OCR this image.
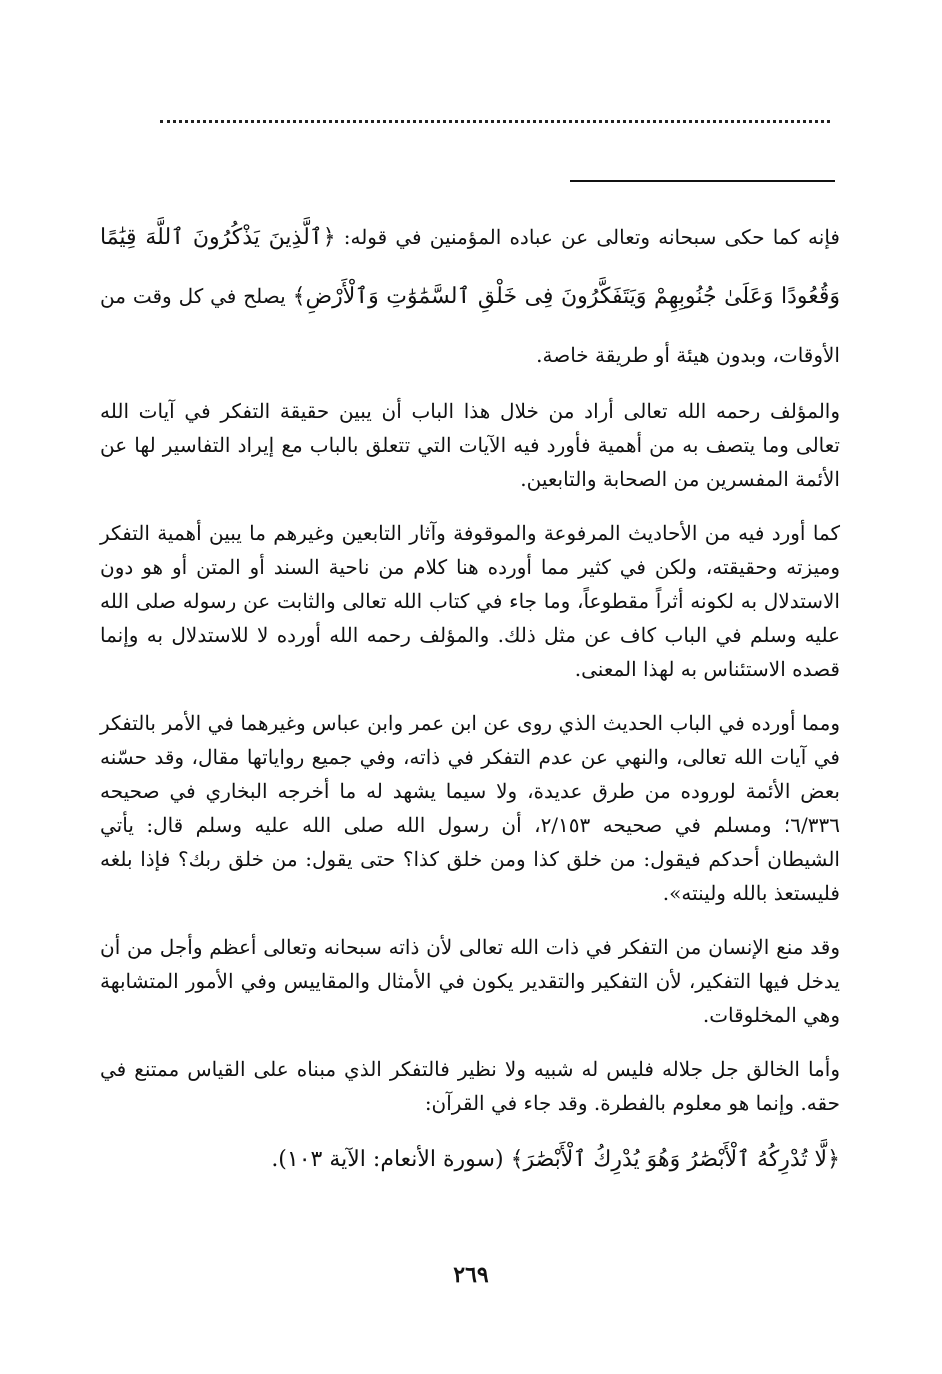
فإنه كما حكى سبحانه وتعالى عن عباده المؤمنين في قوله: ﴿ٱلَّذِينَ يَذْكُرُونَ ٱللَّهَ قِيَٰمًا وَقُعُودًا وَعَلَىٰ جُنُوبِهِمْ وَيَتَفَكَّرُونَ فِى خَلْقِ ٱلسَّمَٰوَٰتِ وَٱلْأَرْضِ﴾ يصلح في كل وقت من الأوقات، وبدون هيئة أو طريقة خاصة.

والمؤلف رحمه الله تعالى أراد من خلال هذا الباب أن يبين حقيقة التفكر في آيات الله تعالى وما يتصف به من أهمية فأورد فيه الآيات التي تتعلق بالباب مع إيراد التفاسير لها عن الأئمة المفسرين من الصحابة والتابعين.

كما أورد فيه من الأحاديث المرفوعة والموقوفة وآثار التابعين وغيرهم ما يبين أهمية التفكر وميزته وحقيقته، ولكن في كثير مما أورده هنا كلام من ناحية السند أو المتن أو هو دون الاستدلال به لكونه أثراً مقطوعاً، وما جاء في كتاب الله تعالى والثابت عن رسوله صلى الله عليه وسلم في الباب كاف عن مثل ذلك. والمؤلف رحمه الله أورده لا للاستدلال به وإنما قصده الاستئناس به لهذا المعنى.

ومما أورده في الباب الحديث الذي روى عن ابن عمر وابن عباس وغيرهما في الأمر بالتفكر في آيات الله تعالى، والنهي عن عدم التفكر في ذاته، وفي جميع رواياتها مقال، وقد حسّنه بعض الأئمة لوروده من طرق عديدة، ولا سيما يشهد له ما أخرجه البخاري في صحيحه ٦/٣٣٦؛ ومسلم في صحيحه ٢/١٥٣، أن رسول الله صلى الله عليه وسلم قال: يأتي الشيطان أحدكم فيقول: من خلق كذا ومن خلق كذا؟ حتى يقول: من خلق ربك؟ فإذا بلغه فليستعذ بالله ولينته».

وقد منع الإنسان من التفكر في ذات الله تعالى لأن ذاته سبحانه وتعالى أعظم وأجل من أن يدخل فيها التفكير، لأن التفكير والتقدير يكون في الأمثال والمقاييس وفي الأمور المتشابهة وهي المخلوقات.

وأما الخالق جل جلاله فليس له شبيه ولا نظير فالتفكر الذي مبناه على القياس ممتنع في حقه. وإنما هو معلوم بالفطرة. وقد جاء في القرآن:

﴿لَّا تُدْرِكُهُ ٱلْأَبْصَٰرُ وَهُوَ يُدْرِكُ ٱلْأَبْصَٰرَ﴾ (سورة الأنعام: الآية ١٠٣).
٢٦٩
